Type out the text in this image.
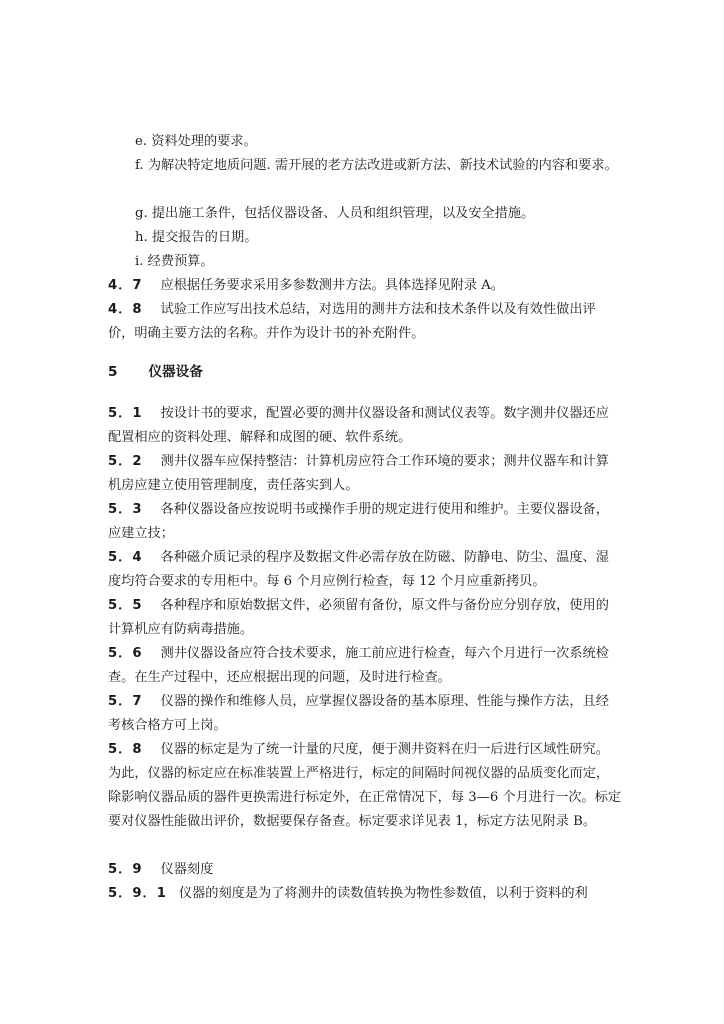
e. 资料处理的要求。

f. 为解决特定地质问题. 需开展的老方法改进或新方法、新技术试验的内容和要求。

g. 提出施工条件，包括仪器设备、人员和组织管理，以及安全措施。

h. 提交报告的日期。

i. 经费预算。

4．7 应根据任务要求采用多参数测井方法。具体选择见附录 A。

4．8 试验工作应写出技术总结，对选用的测井方法和技术条件以及有效性做出评价，明确主要方法的名称。并作为设计书的补充附件。

5 仪器设备

5．1 按设计书的要求，配置必要的测井仪器设备和测试仪表等。数字测井仪器还应配置相应的资料处理、解释和成图的硬、软件系统。

5．2 测井仪器车应保持整洁：计算机房应符合工作环境的要求；测井仪器车和计算机房应建立使用管理制度，责任落实到人。

5．3 各种仪器设备应按说明书或操作手册的规定进行使用和维护。主要仪器设备，应建立技；

5．4 各种磁介质记录的程序及数据文件必需存放在防磁、防静电、防尘、温度、湿度均符合要求的专用柜中。每 6 个月应例行检查，每 12 个月应重新拷贝。

5．5 各种程序和原始数据文件，必须留有备份，原文件与备份应分别存放，使用的计算机应有防病毒措施。

5．6 测井仪器设备应符合技术要求，施工前应进行检查，每六个月进行一次系统检查。在生产过程中，还应根据出现的问题，及时进行检查。

5．7 仪器的操作和维修人员，应掌握仪器设备的基本原理、性能与操作方法，且经考核合格方可上岗。

5．8 仪器的标定是为了统一计量的尺度，便于测井资料在归一后进行区域性研究。为此，仪器的标定应在标准装置上严格进行，标定的间隔时间视仪器的品质变化而定，除影响仪器品质的器件更换需进行标定外，在正常情况下，每 3—6 个月进行一次。标定要对仪器性能做出评价，数据要保存备查。标定要求详见表 1，标定方法见附录 B。

5．9 仪器刻度

5．9．1 仪器的刻度是为了将测井的读数值转换为物性参数值，以利于资料的利
